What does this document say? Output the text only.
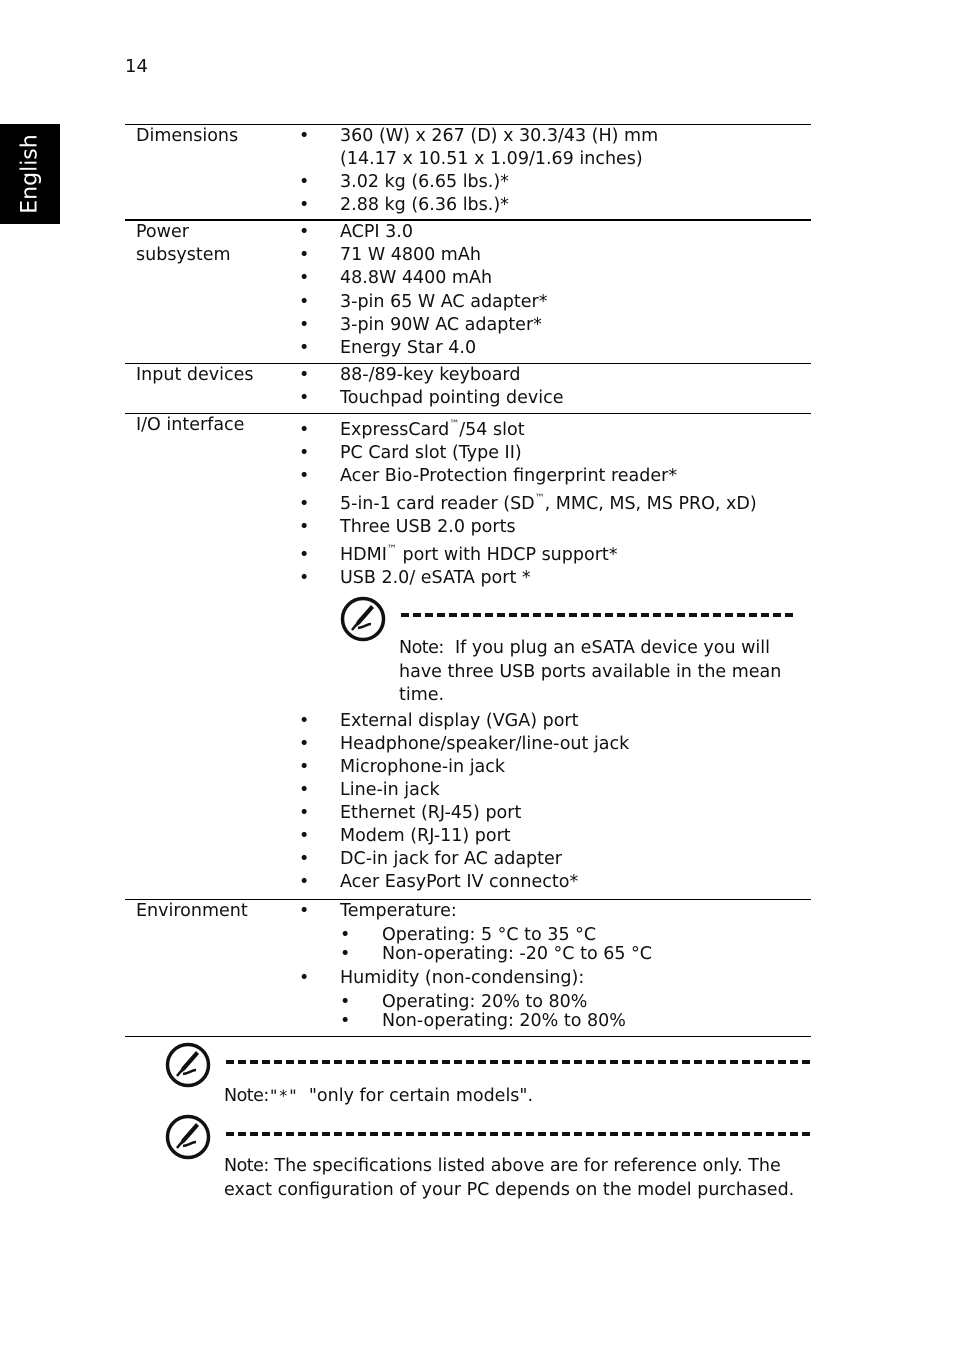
14
English	Dimensions	• 360 (W) x 267 (D) x 30.3/43 (H) mm
(14.17 x 10.51 x 1.09/1.69 inches)
• 3.02 kg (6.65 lbs.)*
• 2.88 kg (6.36 lbs.)*
Power
subsystem
• ACPI 3.0
• 71 W 4800 mAh
• 48.8W 4400 mAh
• 3-pin 65 W AC adapter*
• 3-pin 90W AC adapter*
• Energy Star 4.0
Input devices	• 88-/89-key keyboard
• Touchpad pointing device
I/O interface	• ExpressCard™/54 slot
• PC Card slot (Type II)
• Acer Bio-Protection fingerprint reader*
• 5-in-1 card reader (SD™, MMC, MS, MS PRO, xD)
• Three USB 2.0 ports
• HDMI™ port with HDCP support*
• USB 2.0/ eSATA port *
Note: If you plug an eSATA device you will
have three USB ports available in the mean
time.
• External display (VGA) port
• Headphone/speaker/line-out jack
• Microphone-in jack
• Line-in jack
• Ethernet (RJ-45) port
• Modem (RJ-11) port
• DC-in jack for AC adapter
• Acer EasyPort IV connecto*
Environment	• Temperature:
• Operating: 5 °C to 35 °C
• Non-operating: -20 °C to 65 °C
• Humidity (non-condensing):
• Operating: 20% to 80%
• Non-operating: 20% to 80%
Note:"*" "only for certain models".
Note: The specifications listed above are for reference only. The
exact configuration of your PC depends on the model purchased.
